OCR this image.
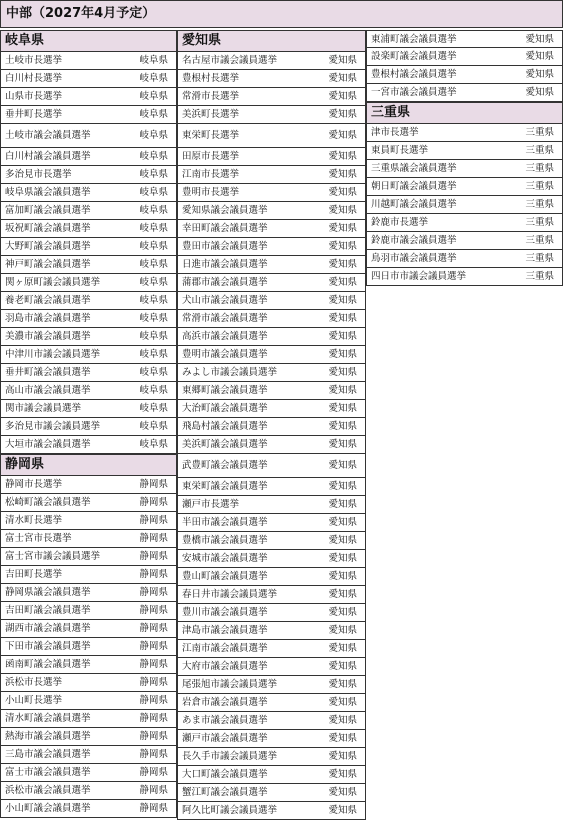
中部（2027年4月予定）
岐阜県
土岐市長選挙	岐阜県
白川村長選挙	岐阜県
山県市長選挙	岐阜県
垂井町長選挙	岐阜県
土岐市議会議員選挙	岐阜県
白川村議会議員選挙	岐阜県
多治見市長選挙	岐阜県
岐阜県議会議員選挙	岐阜県
富加町議会議員選挙	岐阜県
坂祝町議会議員選挙	岐阜県
大野町議会議員選挙	岐阜県
神戸町議会議員選挙	岐阜県
関ヶ原町議会議員選挙	岐阜県
養老町議会議員選挙	岐阜県
羽島市議会議員選挙	岐阜県
美濃市議会議員選挙	岐阜県
中津川市議会議員選挙	岐阜県
垂井町議会議員選挙	岐阜県
高山市議会議員選挙	岐阜県
関市議会議員選挙	岐阜県
多治見市議会議員選挙	岐阜県
大垣市議会議員選挙	岐阜県
静岡県
静岡市長選挙	静岡県
松崎町議会議員選挙	静岡県
清水町長選挙	静岡県
富士宮市長選挙	静岡県
富士宮市議会議員選挙	静岡県
吉田町長選挙	静岡県
静岡県議会議員選挙	静岡県
吉田町議会議員選挙	静岡県
湖西市議会議員選挙	静岡県
下田市議会議員選挙	静岡県
函南町議会議員選挙	静岡県
浜松市長選挙	静岡県
小山町長選挙	静岡県
清水町議会議員選挙	静岡県
熱海市議会議員選挙	静岡県
三島市議会議員選挙	静岡県
富士市議会議員選挙	静岡県
浜松市議会議員選挙	静岡県
小山町議会議員選挙	静岡県
愛知県
名古屋市議会議員選挙	愛知県
豊根村長選挙	愛知県
常滑市長選挙	愛知県
美浜町長選挙	愛知県
東栄町長選挙	愛知県
田原市長選挙	愛知県
江南市長選挙	愛知県
豊明市長選挙	愛知県
愛知県議会議員選挙	愛知県
幸田町議会議員選挙	愛知県
豊田市議会議員選挙	愛知県
日進市議会議員選挙	愛知県
蒲郡市議会議員選挙	愛知県
犬山市議会議員選挙	愛知県
常滑市議会議員選挙	愛知県
高浜市議会議員選挙	愛知県
豊明市議会議員選挙	愛知県
みよし市議会議員選挙	愛知県
東郷町議会議員選挙	愛知県
大治町議会議員選挙	愛知県
飛島村議会議員選挙	愛知県
美浜町議会議員選挙	愛知県
武豊町議会議員選挙	愛知県
東栄町議会議員選挙	愛知県
瀬戸市長選挙	愛知県
半田市議会議員選挙	愛知県
豊橋市議会議員選挙	愛知県
安城市議会議員選挙	愛知県
豊山町議会議員選挙	愛知県
春日井市議会議員選挙	愛知県
豊川市議会議員選挙	愛知県
津島市議会議員選挙	愛知県
江南市議会議員選挙	愛知県
大府市議会議員選挙	愛知県
尾張旭市議会議員選挙	愛知県
岩倉市議会議員選挙	愛知県
あま市議会議員選挙	愛知県
瀬戸市議会議員選挙	愛知県
長久手市議会議員選挙	愛知県
大口町議会議員選挙	愛知県
蟹江町議会議員選挙	愛知県
阿久比町議会議員選挙	愛知県
東浦町議会議員選挙	愛知県
設楽町議会議員選挙	愛知県
豊根村議会議員選挙	愛知県
一宮市議会議員選挙	愛知県
三重県
津市長選挙	三重県
東員町長選挙	三重県
三重県議会議員選挙	三重県
朝日町議会議員選挙	三重県
川越町議会議員選挙	三重県
鈴鹿市長選挙	三重県
鈴鹿市議会議員選挙	三重県
鳥羽市議会議員選挙	三重県
四日市市議会議員選挙	三重県
